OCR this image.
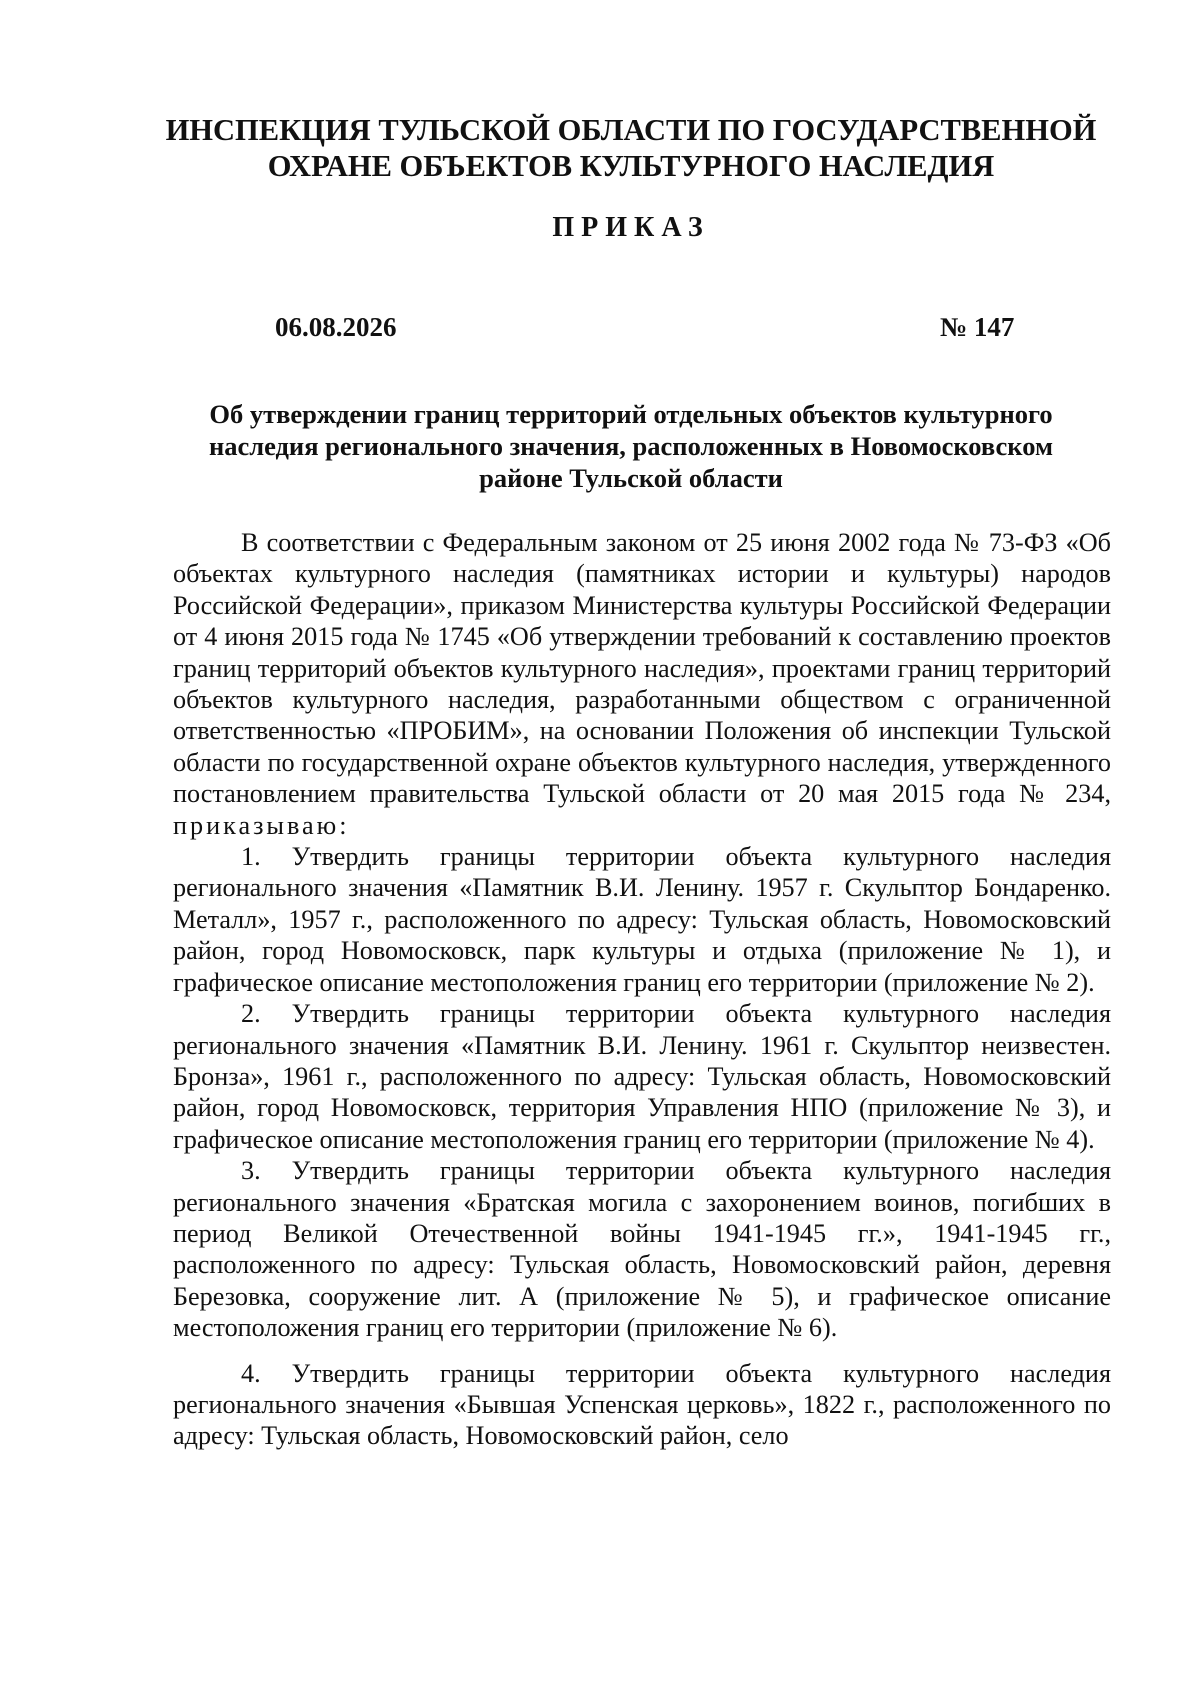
ИНСПЕКЦИЯ ТУЛЬСКОЙ ОБЛАСТИ ПО ГОСУДАРСТВЕННОЙ
ОХРАНЕ ОБЪЕКТОВ КУЛЬТУРНОГО НАСЛЕДИЯ
ПРИКАЗ
06.08.2026	№ 147
Об утверждении границ территорий отдельных объектов культурного
наследия регионального значения, расположенных в Новомосковском
районе Тульской области

В соответствии с Федеральным законом от 25 июня 2002 года № 73-ФЗ «Об объектах культурного наследия (памятниках истории и культуры) народов Российской Федерации», приказом Министерства культуры Российской Федерации от 4 июня 2015 года № 1745 «Об утверждении требований к составлению проектов границ территорий объектов культурного наследия», проектами границ территорий объектов культурного наследия, разработанными обществом с ограниченной ответственностью «ПРОБИМ», на основании Положения об инспекции Тульской области по государственной охране объектов культурного наследия, утвержденного постановлением правительства Тульской области от 20 мая 2015 года № 234, приказываю:

1. Утвердить границы территории объекта культурного наследия регионального значения «Памятник В.И. Ленину. 1957 г. Скульптор Бондаренко. Металл», 1957 г., расположенного по адресу: Тульская область, Новомосковский район, город Новомосковск, парк культуры и отдыха (приложение № 1), и графическое описание местоположения границ его территории (приложение № 2).

2. Утвердить границы территории объекта культурного наследия регионального значения «Памятник В.И. Ленину. 1961 г. Скульптор неизвестен. Бронза», 1961 г., расположенного по адресу: Тульская область, Новомосковский район, город Новомосковск, территория Управления НПО (приложение № 3), и графическое описание местоположения границ его территории (приложение № 4).

3. Утвердить границы территории объекта культурного наследия регионального значения «Братская могила с захоронением воинов, погибших в период Великой Отечественной войны 1941-1945 гг.», 1941-1945 гг., расположенного по адресу: Тульская область, Новомосковский район, деревня Березовка, сооружение лит. А (приложение № 5), и графическое описание местоположения границ его территории (приложение № 6).

4. Утвердить границы территории объекта культурного наследия регионального значения «Бывшая Успенская церковь», 1822 г., расположенного по адресу: Тульская область, Новомосковский район, село
